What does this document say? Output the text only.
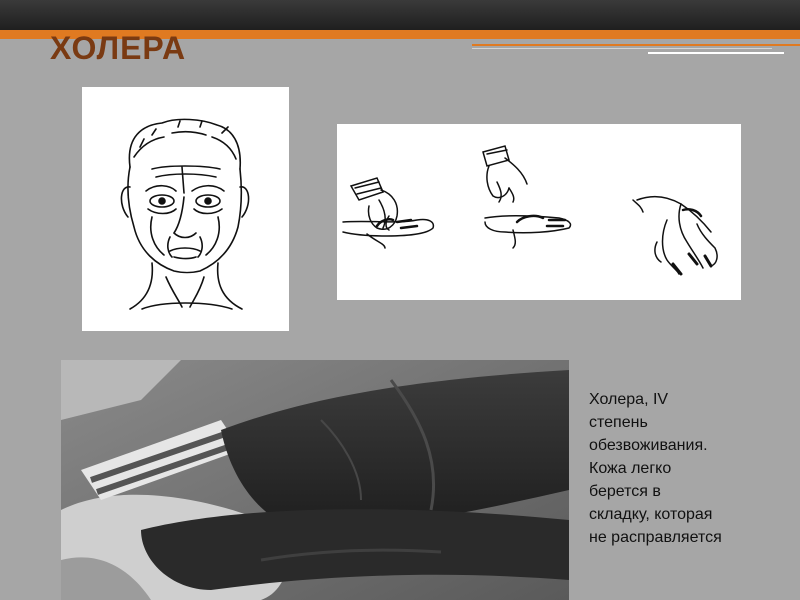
ХОЛЕРА
Холера, IV
степень
обезвоживания.
Кожа легко
берется в
складку, которая
не расправляется
